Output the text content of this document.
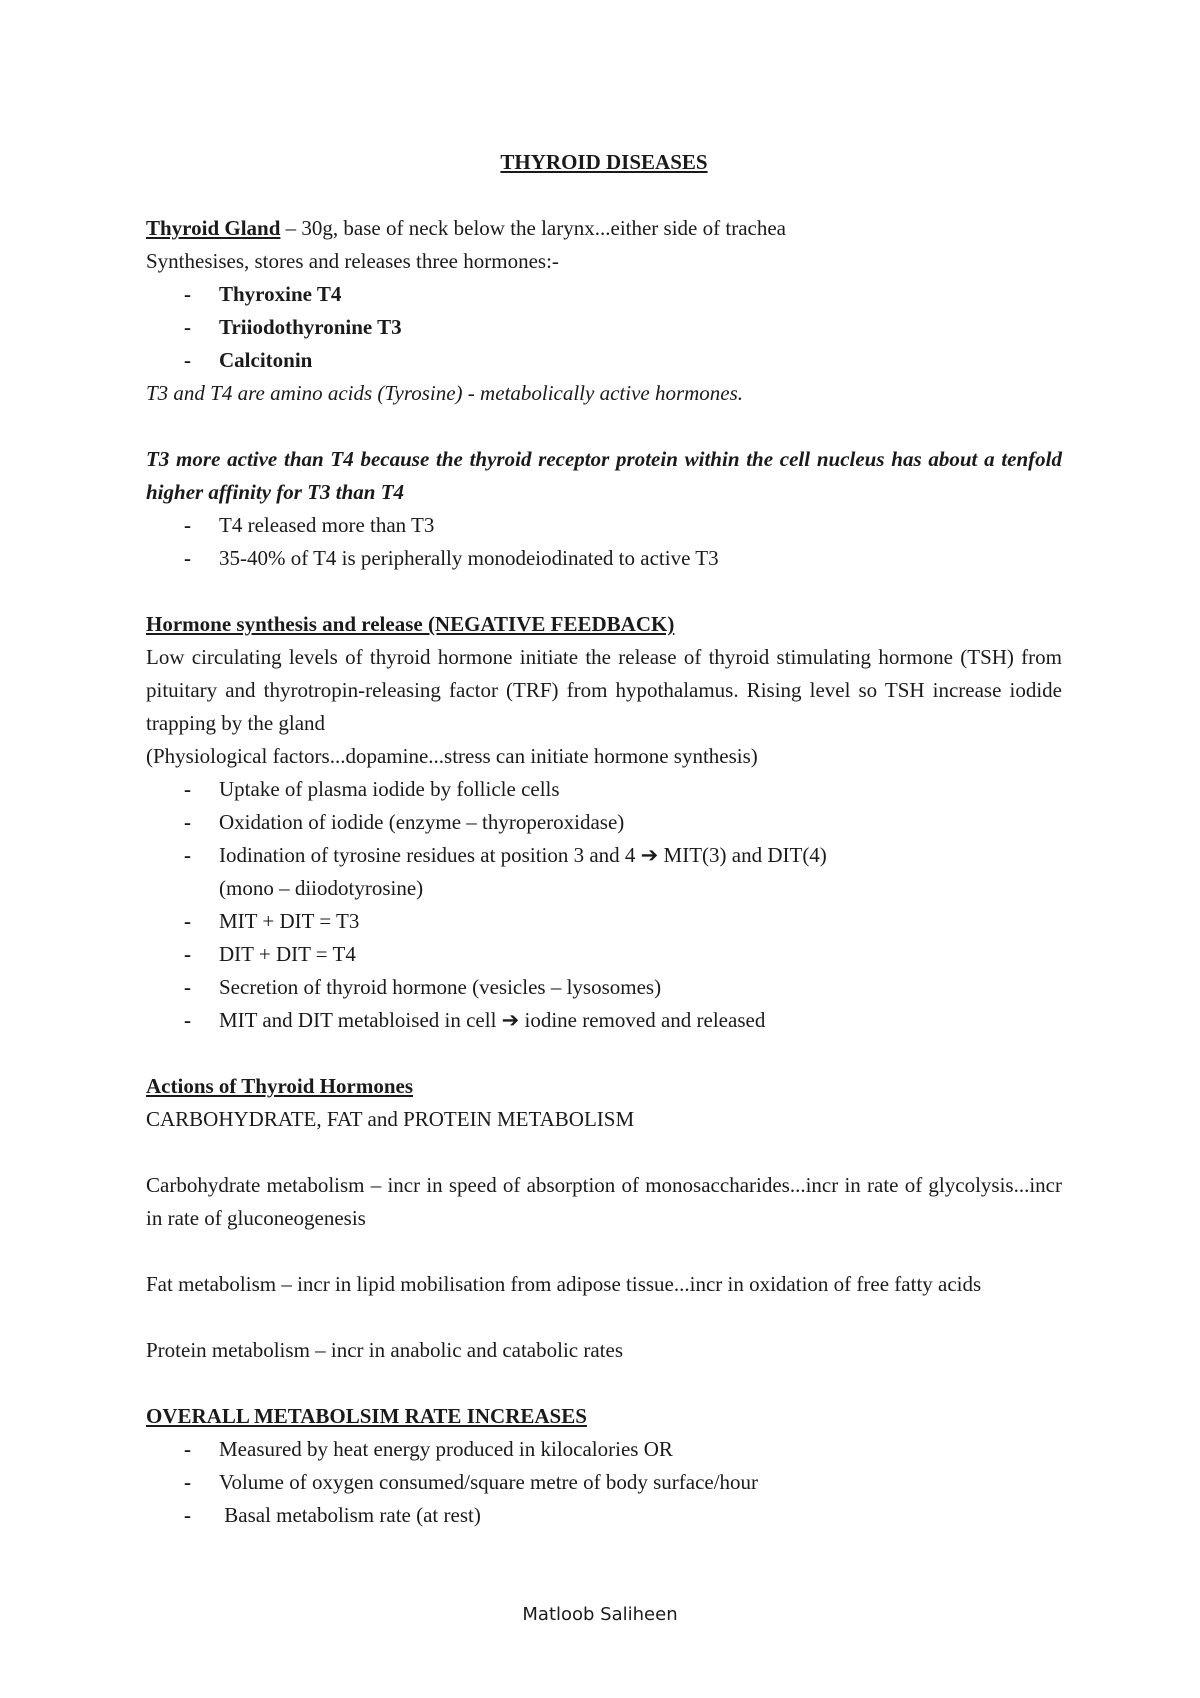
THYROID DISEASES

Thyroid Gland – 30g, base of neck below the larynx...either side of trachea

Synthesises, stores and releases three hormones:-

- Thyroxine T4
- Triiodothyronine T3
- Calcitonin

T3 and T4 are amino acids (Tyrosine) - metabolically active hormones.

T3 more active than T4 because the thyroid receptor protein within the cell nucleus has about a tenfold higher affinity for T3 than T4

- T4 released more than T3
- 35-40% of T4 is peripherally monodeiodinated to active T3

Hormone synthesis and release (NEGATIVE FEEDBACK)

Low circulating levels of thyroid hormone initiate the release of thyroid stimulating hormone (TSH) from pituitary and thyrotropin-releasing factor (TRF) from hypothalamus. Rising level so TSH increase iodide trapping by the gland

(Physiological factors...dopamine...stress can initiate hormone synthesis)

- Uptake of plasma iodide by follicle cells
- Oxidation of iodide (enzyme – thyroperoxidase)
- Iodination of tyrosine residues at position 3 and 4 ➔ MIT(3) and DIT(4)
(mono – diiodotyrosine)
- MIT + DIT = T3
- DIT + DIT = T4
- Secretion of thyroid hormone (vesicles – lysosomes)
- MIT and DIT metabloised in cell ➔ iodine removed and released

Actions of Thyroid Hormones

CARBOHYDRATE, FAT and PROTEIN METABOLISM

Carbohydrate metabolism – incr in speed of absorption of monosaccharides...incr in rate of glycolysis...incr in rate of gluconeogenesis

Fat metabolism – incr in lipid mobilisation from adipose tissue...incr in oxidation of free fatty acids

Protein metabolism – incr in anabolic and catabolic rates

OVERALL METABOLSIM RATE INCREASES

- Measured by heat energy produced in kilocalories OR
- Volume of oxygen consumed/square metre of body surface/hour
- Basal metabolism rate (at rest)
Matloob Saliheen
